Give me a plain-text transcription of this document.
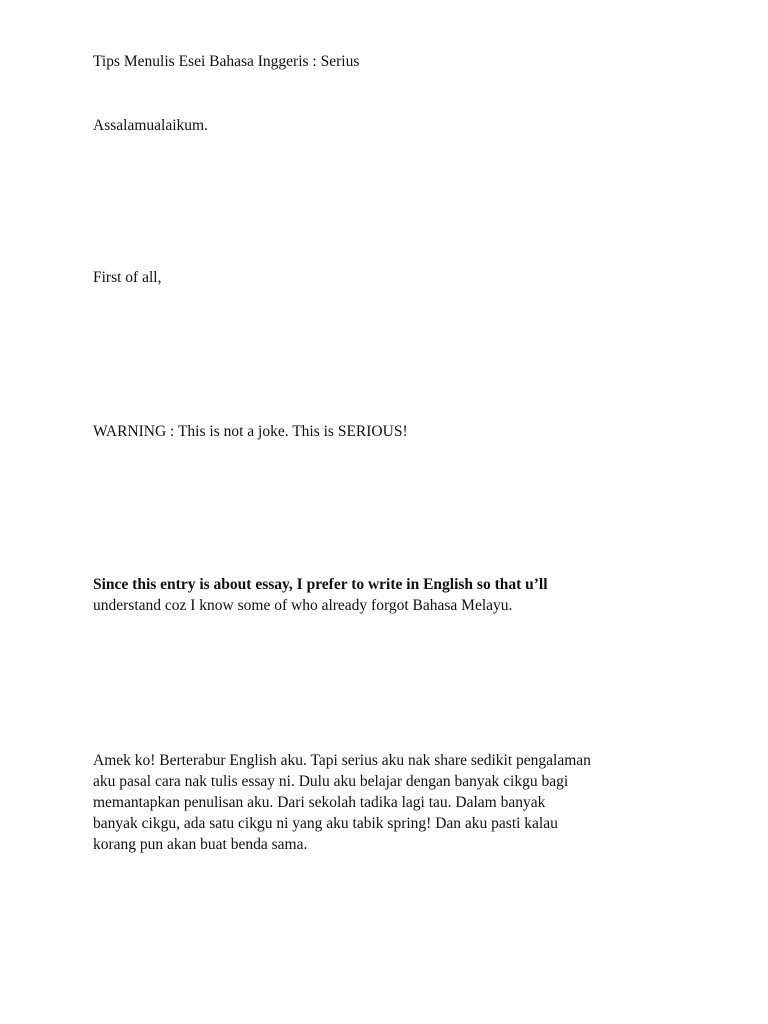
Tips Menulis Esei Bahasa Inggeris : Serius

Assalamualaikum.

First of all,

WARNING : This is not a joke. This is SERIOUS!

Since this entry is about essay, I prefer to write in English so that u’ll
understand coz I know some of who already forgot Bahasa Melayu.
Amek ko! Berterabur English aku. Tapi serius aku nak share sedikit pengalaman
aku pasal cara nak tulis essay ni. Dulu aku belajar dengan banyak cikgu bagi
memantapkan penulisan aku. Dari sekolah tadika lagi tau. Dalam banyak
banyak cikgu, ada satu cikgu ni yang aku tabik spring! Dan aku pasti kalau
korang pun akan buat benda sama.
